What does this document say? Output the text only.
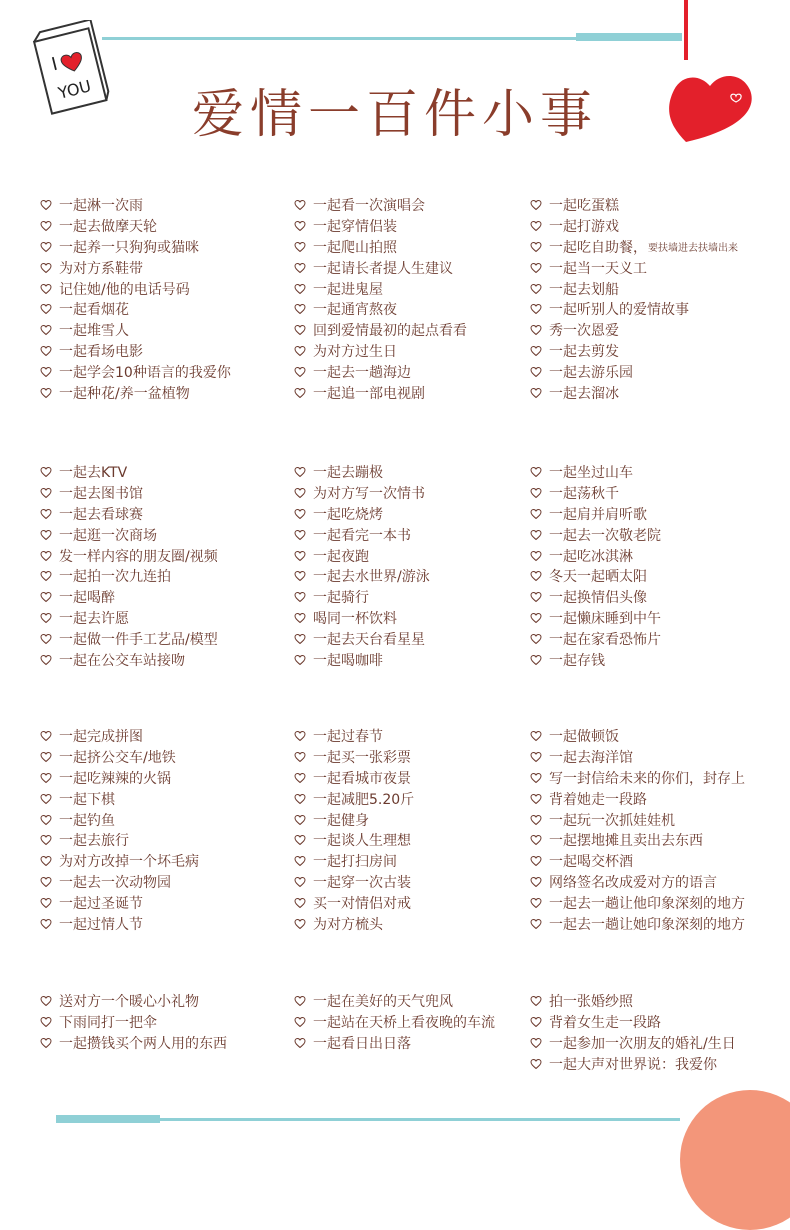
I
YOU	爱情一百件小事
一起淋一次雨
一起去做摩天轮
一起养一只狗狗或猫咪
为对方系鞋带
记住她/他的电话号码
一起看烟花
一起堆雪人
一起看场电影
一起学会10种语言的我爱你
一起种花/养一盆植物
一起看一次演唱会
一起穿情侣装
一起爬山拍照
一起请长者提人生建议
一起进鬼屋
一起通宵熬夜
回到爱情最初的起点看看
为对方过生日
一起去一趟海边
一起追一部电视剧
一起吃蛋糕
一起打游戏
一起吃自助餐， 要扶墙进去扶墙出来
一起当一天义工
一起去划船
一起听别人的爱情故事
秀一次恩爱
一起去剪发
一起去游乐园
一起去溜冰
一起去KTV
一起去图书馆
一起去看球赛
一起逛一次商场
发一样内容的朋友圈/视频
一起拍一次九连拍
一起喝醉
一起去许愿
一起做一件手工艺品/模型
一起在公交车站接吻
一起去蹦极
为对方写一次情书
一起吃烧烤
一起看完一本书
一起夜跑
一起去水世界/游泳
一起骑行
喝同一杯饮料
一起去天台看星星
一起喝咖啡
一起坐过山车
一起荡秋千
一起肩并肩听歌
一起去一次敬老院
一起吃冰淇淋
冬天一起晒太阳
一起换情侣头像
一起懒床睡到中午
一起在家看恐怖片
一起存钱
一起完成拼图
一起挤公交车/地铁
一起吃辣辣的火锅
一起下棋
一起钓鱼
一起去旅行
为对方改掉一个坏毛病
一起去一次动物园
一起过圣诞节
一起过情人节
一起过春节
一起买一张彩票
一起看城市夜景
一起减肥5.20斤
一起健身
一起谈人生理想
一起打扫房间
一起穿一次古装
买一对情侣对戒
为对方梳头
一起做顿饭
一起去海洋馆
写一封信给未来的你们，封存上
背着她走一段路
一起玩一次抓娃娃机
一起摆地摊且卖出去东西
一起喝交杯酒
网络签名改成爱对方的语言
一起去一趟让他印象深刻的地方
一起去一趟让她印象深刻的地方
送对方一个暖心小礼物
下雨同打一把伞
一起攒钱买个两人用的东西
一起在美好的天气兜风
一起站在天桥上看夜晚的车流
一起看日出日落
拍一张婚纱照
背着女生走一段路
一起参加一次朋友的婚礼/生日
一起大声对世界说：我爱你
